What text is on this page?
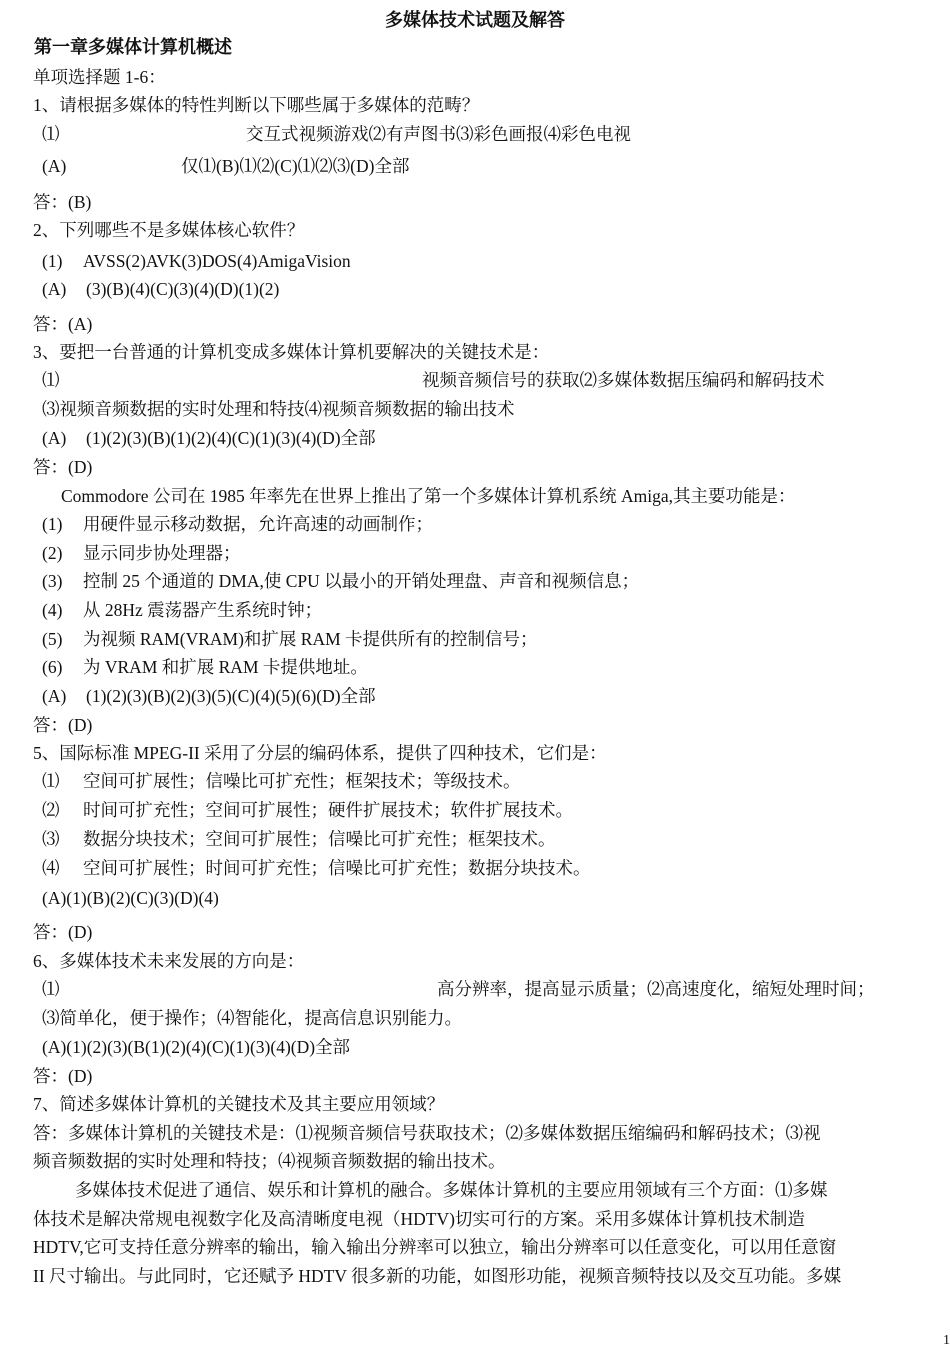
多媒体技术试题及解答
第一章多媒体计算机概述
单项选择题 1-6：
1、请根据多媒体的特性判断以下哪些属于多媒体的范畴？
⑴	交互式视频游戏⑵有声图书⑶彩色画报⑷彩色电视
(A)	仅⑴(B)⑴⑵(C)⑴⑵⑶(D)全部
答：(B)
2、下列哪些不是多媒体核心软件？
(1) AVSS(2)AVK(3)DOS(4)AmigaVision
(A) (3)(B)(4)(C)(3)(4)(D)(1)(2)
答：(A)
3、要把一台普通的计算机变成多媒体计算机要解决的关键技术是：
⑴	视频音频信号的获取⑵多媒体数据压编码和解码技术
⑶视频音频数据的实时处理和特技⑷视频音频数据的输出技术
(A) (1)(2)(3)(B)(1)(2)(4)(C)(1)(3)(4)(D)全部
答：(D)
Commodore 公司在 1985 年率先在世界上推出了第一个多媒体计算机系统 Amiga,其主要功能是：
(1) 用硬件显示移动数据，允许高速的动画制作；
(2) 显示同步协处理器；
(3) 控制 25 个通道的 DMA,使 CPU 以最小的开销处理盘、声音和视频信息；
(4) 从 28Hz 震荡器产生系统时钟；
(5) 为视频 RAM(VRAM)和扩展 RAM 卡提供所有的控制信号；
(6) 为 VRAM 和扩展 RAM 卡提供地址。
(A) (1)(2)(3)(B)(2)(3)(5)(C)(4)(5)(6)(D)全部
答：(D)
5、国际标准 MPEG-II 采用了分层的编码体系，提供了四种技术，它们是：
⑴ 空间可扩展性；信噪比可扩充性；框架技术；等级技术。
⑵ 时间可扩充性；空间可扩展性；硬件扩展技术；软件扩展技术。
⑶ 数据分块技术；空间可扩展性；信噪比可扩充性；框架技术。
⑷ 空间可扩展性；时间可扩充性；信噪比可扩充性；数据分块技术。
(A)(1)(B)(2)(C)(3)(D)(4)
答：(D)
6、多媒体技术未来发展的方向是：
⑴	高分辨率，提高显示质量；⑵高速度化，缩短处理时间；
⑶简单化，便于操作；⑷智能化，提高信息识别能力。
(A)(1)(2)(3)(B(1)(2)(4)(C)(1)(3)(4)(D)全部
答：(D)
7、简述多媒体计算机的关键技术及其主要应用领域？
答：多媒体计算机的关键技术是：⑴视频音频信号获取技术；⑵多媒体数据压缩编码和解码技术；⑶视
频音频数据的实时处理和特技；⑷视频音频数据的输出技术。
多媒体技术促进了通信、娱乐和计算机的融合。多媒体计算机的主要应用领域有三个方面：⑴多媒
体技术是解决常规电视数字化及高清晰度电视（HDTV)切实可行的方案。采用多媒体计算机技术制造
HDTV,它可支持任意分辨率的输出，输入输出分辨率可以独立，输出分辨率可以任意变化，可以用任意窗
II 尺寸输出。与此同时，它还赋予 HDTV 很多新的功能，如图形功能，视频音频特技以及交互功能。多媒
1
